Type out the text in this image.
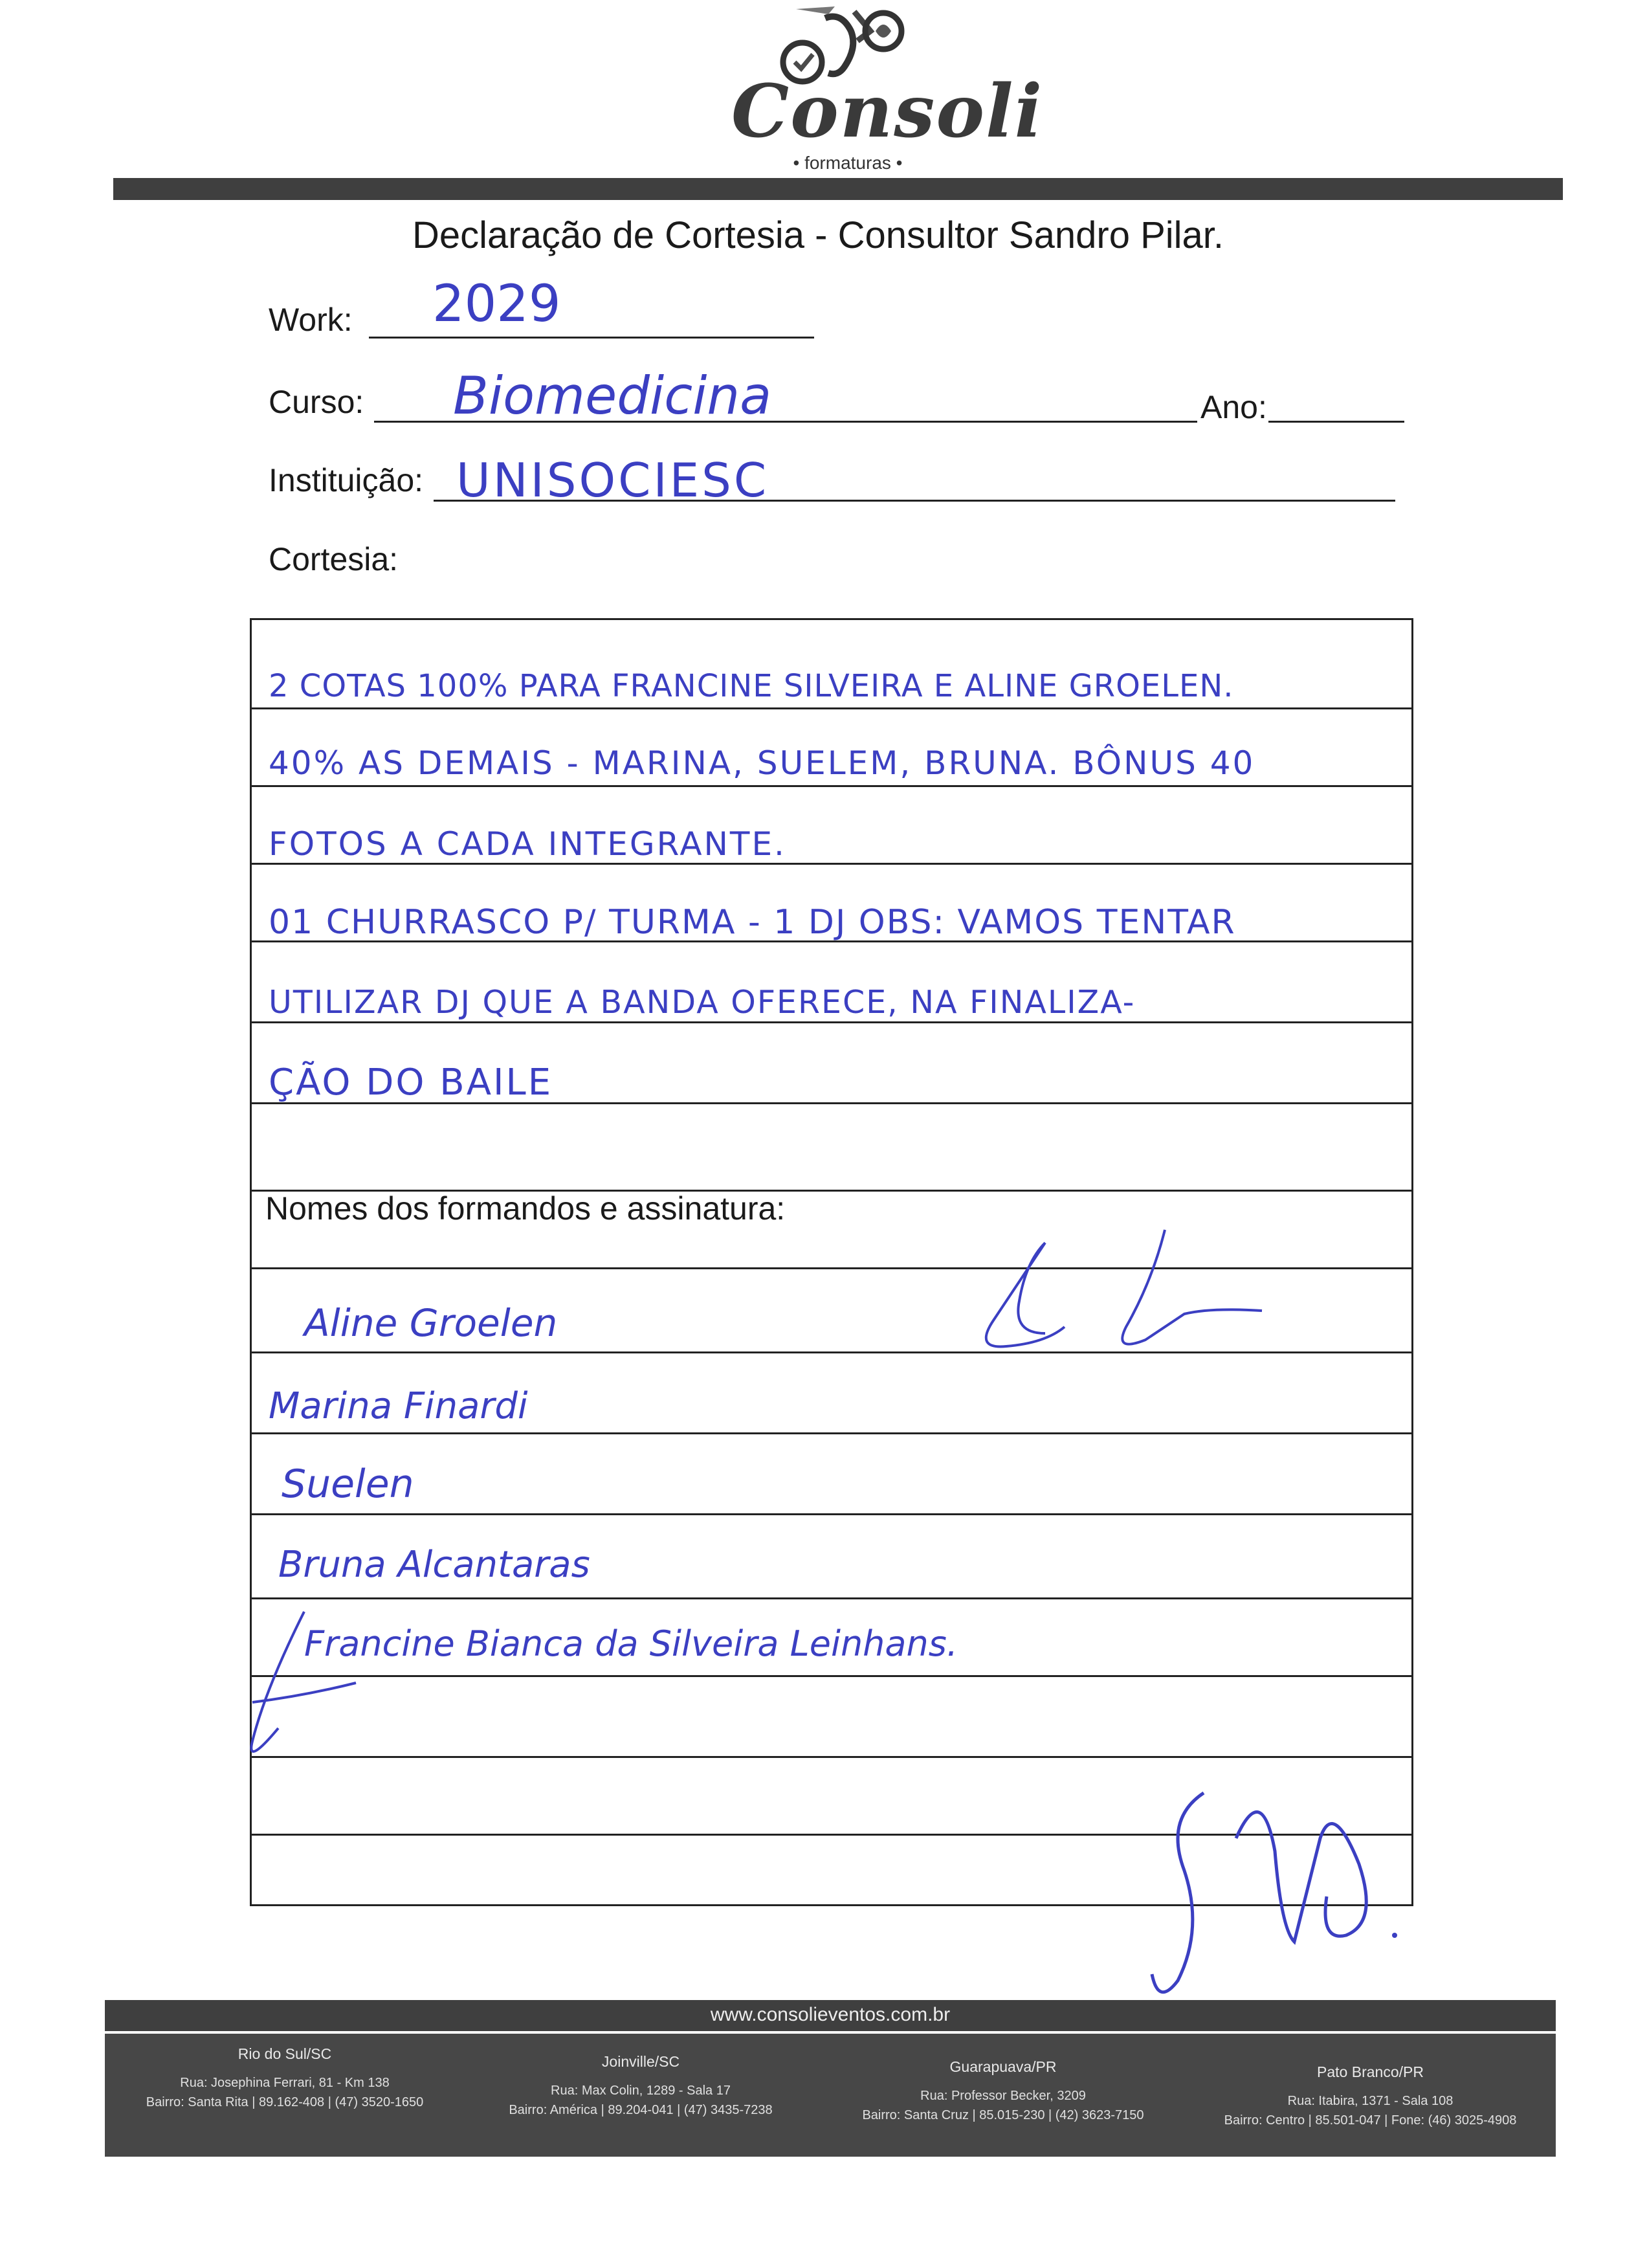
Consoli
• formaturas •
Declaração de Cortesia - Consultor Sandro Pilar.
Work: 2029
Curso: Biomedicina	Ano:
Instituição: UNISOCIESC
Cortesia:
2 COTAS 100% PARA FRANCINE SILVEIRA E ALINE GROELEN.
40% AS DEMAIS - MARINA, SUELEM, BRUNA. BÔNUS 40
FOTOS A CADA INTEGRANTE.
01 CHURRASCO P/ TURMA - 1 DJ OBS: VAMOS TENTAR
UTILIZAR DJ QUE A BANDA OFERECE, NA FINALIZA-
ÇÃO DO BAILE
Nomes dos formandos e assinatura:
Aline Groelen
Marina Finardi
Suelen
Bruna Alcantaras
Francine Bianca da Silveira Leinhans.
www.consolieventos.com.br
Rio do Sul/SC
Rua: Josephina Ferrari, 81 - Km 138
Bairro: Santa Rita | 89.162-408 | (47) 3520-1650
Joinville/SC
Rua: Max Colin, 1289 - Sala 17
Bairro: América | 89.204-041 | (47) 3435-7238
Guarapuava/PR
Rua: Professor Becker, 3209
Bairro: Santa Cruz | 85.015-230 | (42) 3623-7150
Pato Branco/PR
Rua: Itabira, 1371 - Sala 108
Bairro: Centro | 85.501-047 | Fone: (46) 3025-4908
